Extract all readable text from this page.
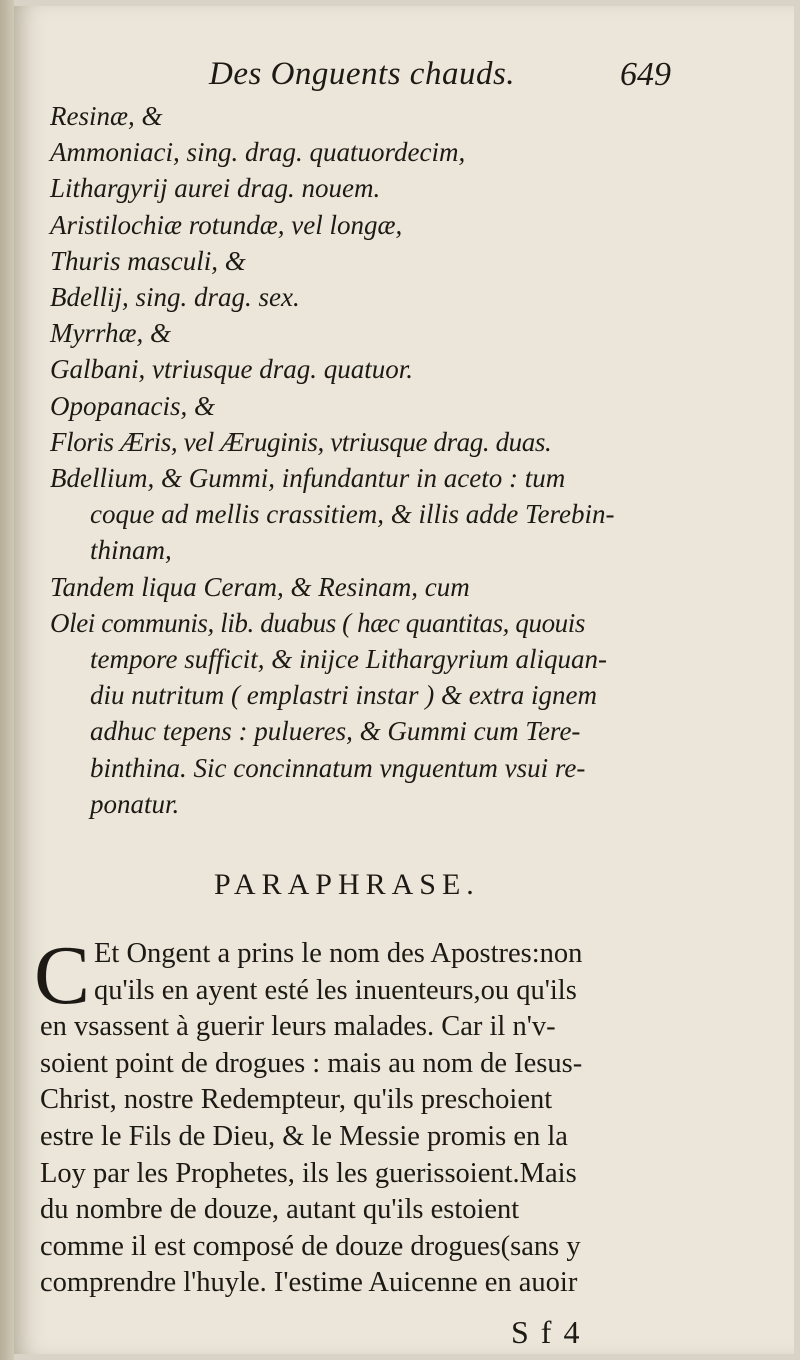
Des Onguents chauds.	649
Resinæ, &
Ammoniaci, sing. drag. quatuordecim,
Lithargyrij aurei drag. nouem.
Aristilochiæ rotundæ, vel longæ,
Thuris masculi, &
Bdellij, sing. drag. sex.
Myrrhæ, &
Galbani, vtriusque drag. quatuor.
Opopanacis, &
Floris Æris, vel Æruginis, vtriusque drag. duas.
Bdellium, & Gummi, infundantur in aceto : tum
coque ad mellis crassitiem, & illis adde Terebin-
thinam,
Tandem liqua Ceram, & Resinam, cum
Olei communis, lib. duabus ( hæc quantitas, quouis
tempore sufficit, & inijce Lithargyrium aliquan-
diu nutritum ( emplastri instar ) & extra ignem
adhuc tepens : pulueres, & Gummi cum Tere-
binthina. Sic concinnatum vnguentum vsui re-
ponatur.
PARAPHRASE.
C Et Ongent a prins le nom des Apostres:non
qu'ils en ayent esté les inuenteurs,ou qu'ils
en vsassent à guerir leurs malades. Car il n'v-
soient point de drogues : mais au nom de Iesus-
Christ, nostre Redempteur, qu'ils preschoient
estre le Fils de Dieu, & le Messie promis en la
Loy par les Prophetes, ils les guerissoient.Mais
du nombre de douze, autant qu'ils estoient
comme il est composé de douze drogues(sans y
comprendre l'huyle. I'estime Auicenne en auoir
S f 4
